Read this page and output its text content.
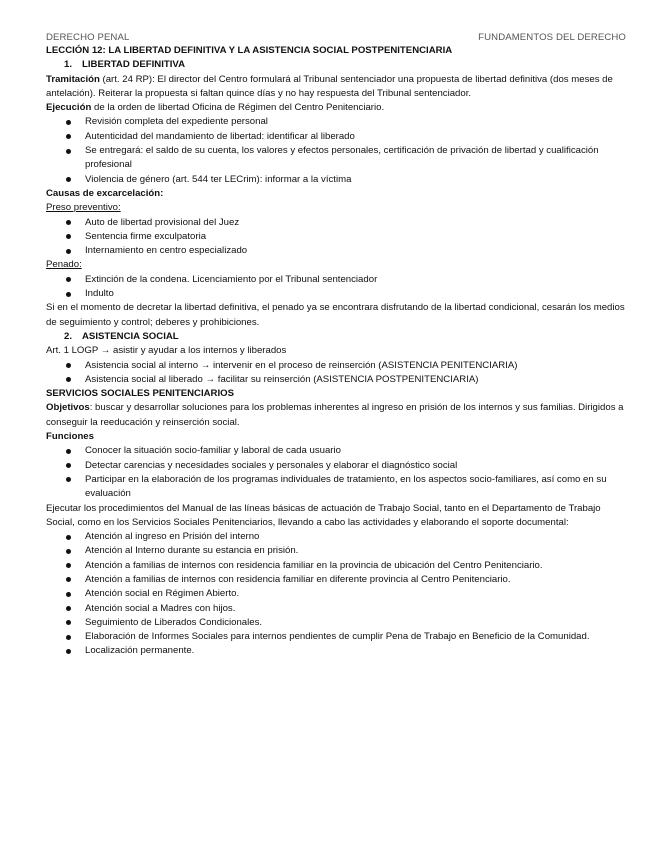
DERECHO PENAL	FUNDAMENTOS DEL DERECHO

LECCIÓN 12: LA LIBERTAD DEFINITIVA Y LA ASISTENCIA SOCIAL POSTPENITENCIARIA

1. LIBERTAD DEFINITIVA

Tramitación (art. 24 RP): El director del Centro formulará al Tribunal sentenciador una propuesta de libertad definitiva (dos meses de antelación). Reiterar la propuesta si faltan quince días y no hay respuesta del Tribunal sentenciador.

Ejecución de la orden de libertad Oficina de Régimen del Centro Penitenciario.

Revisión completa del expediente personal
Autenticidad del mandamiento de libertad: identificar al liberado
Se entregará: el saldo de su cuenta, los valores y efectos personales, certificación de privación de libertad y cualificación profesional
Violencia de género (art. 544 ter LECrim): informar a la víctima

Causas de excarcelación:

Preso preventivo:

Auto de libertad provisional del Juez
Sentencia firme exculpatoria
Internamiento en centro especializado

Penado:

Extinción de la condena. Licenciamiento por el Tribunal sentenciador
Indulto

Si en el momento de decretar la libertad definitiva, el penado ya se encontrara disfrutando de la libertad condicional, cesarán los medios de seguimiento y control; deberes y prohibiciones.

2. ASISTENCIA SOCIAL

Art. 1 LOGP → asistir y ayudar a los internos y liberados

Asistencia social al interno → intervenir en el proceso de reinserción (ASISTENCIA PENITENCIARIA)
Asistencia social al liberado → facilitar su reinserción (ASISTENCIA POSTPENITENCIARIA)

SERVICIOS SOCIALES PENITENCIARIOS

Objetivos: buscar y desarrollar soluciones para los problemas inherentes al ingreso en prisión de los internos y sus familias. Dirigidos a conseguir la reeducación y reinserción social.

Funciones

Conocer la situación socio-familiar y laboral de cada usuario
Detectar carencias y necesidades sociales y personales y elaborar el diagnóstico social
Participar en la elaboración de los programas individuales de tratamiento, en los aspectos socio-familiares, así como en su evaluación

Ejecutar los procedimientos del Manual de las líneas básicas de actuación de Trabajo Social, tanto en el Departamento de Trabajo Social, como en los Servicios Sociales Penitenciarios, llevando a cabo las actividades y elaborando el soporte documental:

Atención al ingreso en Prisión del interno
Atención al Interno durante su estancia en prisión.
Atención a familias de internos con residencia familiar en la provincia de ubicación del Centro Penitenciario.
Atención a familias de internos con residencia familiar en diferente provincia al Centro Penitenciario.
Atención social en Régimen Abierto.
Atención social a Madres con hijos.
Seguimiento de Liberados Condicionales.
Elaboración de Informes Sociales para internos pendientes de cumplir Pena de Trabajo en Beneficio de la Comunidad.
Localización permanente.
